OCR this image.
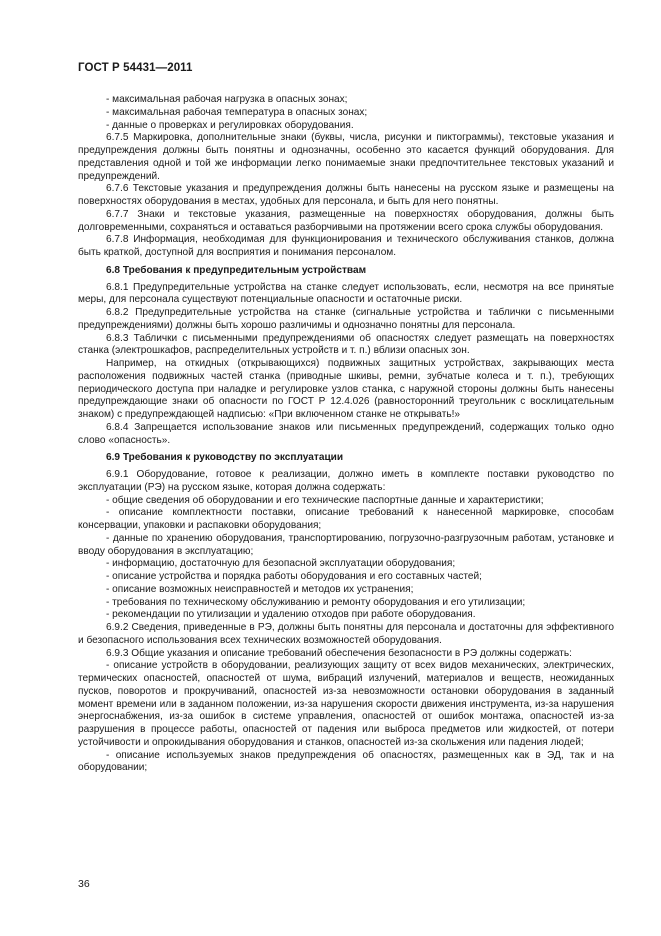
ГОСТ Р 54431—2011

- максимальная рабочая нагрузка в опасных зонах;

- максимальная рабочая температура в опасных зонах;

- данные о проверках и регулировках оборудования.

6.7.5 Маркировка, дополнительные знаки (буквы, числа, рисунки и пиктограммы), текстовые указания и предупреждения должны быть понятны и однозначны, особенно это касается функций оборудования. Для представления одной и той же информации легко понимаемые знаки предпочтительнее текстовых указаний и предупреждений.

6.7.6 Текстовые указания и предупреждения должны быть нанесены на русском языке и размещены на поверхностях оборудования в местах, удобных для персонала, и быть для него понятны.

6.7.7 Знаки и текстовые указания, размещенные на поверхностях оборудования, должны быть долговременными, сохраняться и оставаться разборчивыми на протяжении всего срока службы оборудования.

6.7.8 Информация, необходимая для функционирования и технического обслуживания станков, должна быть краткой, доступной для восприятия и понимания персоналом.

6.8 Требования к предупредительным устройствам

6.8.1 Предупредительные устройства на станке следует использовать, если, несмотря на все принятые меры, для персонала существуют потенциальные опасности и остаточные риски.

6.8.2 Предупредительные устройства на станке (сигнальные устройства и таблички с письменными предупреждениями) должны быть хорошо различимы и однозначно понятны для персонала.

6.8.3 Таблички с письменными предупреждениями об опасностях следует размещать на поверхностях станка (электрошкафов, распределительных устройств и т. п.) вблизи опасных зон.

Например, на откидных (открывающихся) подвижных защитных устройствах, закрывающих места расположения подвижных частей станка (приводные шкивы, ремни, зубчатые колеса и т. п.), требующих периодического доступа при наладке и регулировке узлов станка, с наружной стороны должны быть нанесены предупреждающие знаки об опасности по ГОСТ Р 12.4.026 (равносторонний треугольник с восклицательным знаком) с предупреждающей надписью: «При включенном станке не открывать!»

6.8.4 Запрещается использование знаков или письменных предупреждений, содержащих только одно слово «опасность».

6.9 Требования к руководству по эксплуатации

6.9.1 Оборудование, готовое к реализации, должно иметь в комплекте поставки руководство по эксплуатации (РЭ) на русском языке, которая должна содержать:

- общие сведения об оборудовании и его технические паспортные данные и характеристики;

- описание комплектности поставки, описание требований к нанесенной маркировке, способам консервации, упаковки и распаковки оборудования;

- данные по хранению оборудования, транспортированию, погрузочно-разгрузочным работам, установке и вводу оборудования в эксплуатацию;

- информацию, достаточную для безопасной эксплуатации оборудования;

- описание устройства и порядка работы оборудования и его составных частей;

- описание возможных неисправностей и методов их устранения;

- требования по техническому обслуживанию и ремонту оборудования и его утилизации;

- рекомендации по утилизации и удалению отходов при работе оборудования.

6.9.2 Сведения, приведенные в РЭ, должны быть понятны для персонала и достаточны для эффективного и безопасного использования всех технических возможностей оборудования.

6.9.3 Общие указания и описание требований обеспечения безопасности в РЭ должны содержать:

- описание устройств в оборудовании, реализующих защиту от всех видов механических, электрических, термических опасностей, опасностей от шума, вибраций излучений, материалов и веществ, неожиданных пусков, поворотов и прокручиваний, опасностей из-за невозможности остановки оборудования в заданный момент времени или в заданном положении, из-за нарушения скорости движения инструмента, из-за нарушения энергоснабжения, из-за ошибок в системе управления, опасностей от ошибок монтажа, опасностей из-за разрушения в процессе работы, опасностей от падения или выброса предметов или жидкостей, от потери устойчивости и опрокидывания оборудования и станков, опасностей из-за скольжения или падения людей;

- описание используемых знаков предупреждения об опасностях, размещенных как в ЭД, так и на оборудовании;

36
